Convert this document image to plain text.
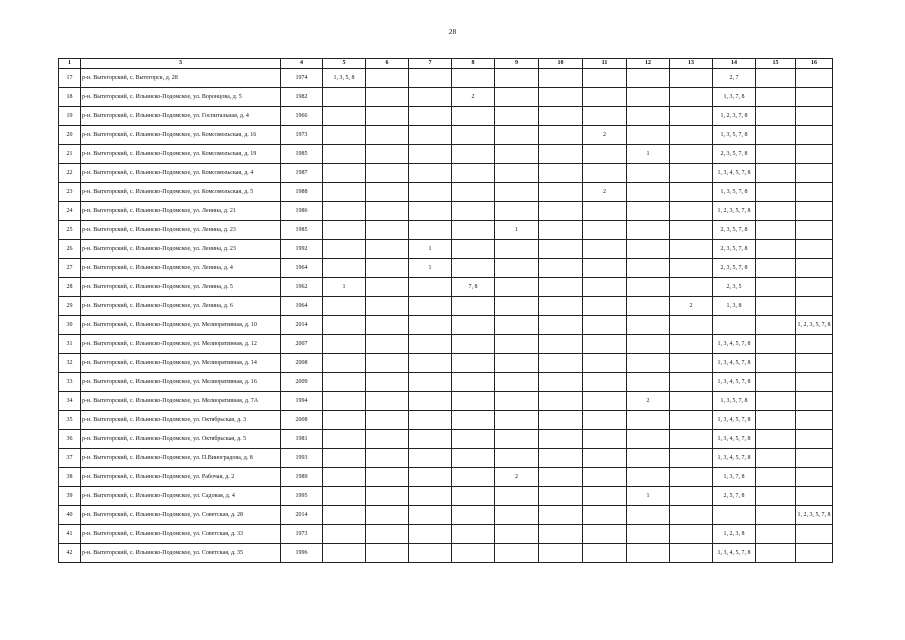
28
1	3	4	5	6	7	8	9	10	11	12	13	14	15	16
17	р-н. Вытегорский, с. Вытегорск, д. 28	1974	1, 3, 5, 8									2, 7		
18	р-н. Вытегорский, с. Ильинско-Подомское, ул. Воронцова, д. 5	1982				2						1, 3, 7, 8		
19	р-н. Вытегорский, с. Ильинско-Подомское, ул. Госпитальная, д. 4	1966										1, 2, 3, 7, 8		
20	р-н. Вытегорский, с. Ильинско-Подомское, ул. Комсомольская, д. 16	1973							2			1, 3, 5, 7, 8		
21	р-н. Вытегорский, с. Ильинско-Подомское, ул. Комсомольская, д. 19	1985								1		2, 3, 5, 7, 8		
22	р-н. Вытегорский, с. Ильинско-Подомское, ул. Комсомольская, д. 4	1987										1, 3, 4, 5, 7, 8		
23	р-н. Вытегорский, с. Ильинско-Подомское, ул. Комсомольская, д. 5	1988							2			1, 3, 5, 7, 8		
24	р-н. Вытегорский, с. Ильинско-Подомское, ул. Ленина, д. 21	1986										1, 2, 3, 5, 7, 8		
25	р-н. Вытегорский, с. Ильинско-Подомское, ул. Ленина, д. 23	1985					1					2, 3, 5, 7, 8		
26	р-н. Вытегорский, с. Ильинско-Подомское, ул. Ленина, д. 23	1992			1							2, 3, 5, 7, 8		
27	р-н. Вытегорский, с. Ильинско-Подомское, ул. Ленина, д. 4	1964			1							2, 3, 5, 7, 8		
28	р-н. Вытегорский, с. Ильинско-Подомское, ул. Ленина, д. 5	1962	1			7, 8						2, 3, 5		
29	р-н. Вытегорский, с. Ильинско-Подомское, ул. Ленина, д. 6	1964									2	1, 3, 8		
30	р-н. Вытегорский, с. Ильинско-Подомское, ул. Мелиоративная, д. 10	2014												1, 2, 3, 5, 7, 8
31	р-н. Вытегорский, с. Ильинско-Подомское, ул. Мелиоративная, д. 12	2007										1, 3, 4, 5, 7, 8		
32	р-н. Вытегорский, с. Ильинско-Подомское, ул. Мелиоративная, д. 14	2008										1, 3, 4, 5, 7, 8		
33	р-н. Вытегорский, с. Ильинско-Подомское, ул. Мелиоративная, д. 16	2009										1, 3, 4, 5, 7, 8		
34	р-н. Вытегорский, с. Ильинско-Подомское, ул. Мелиоративная, д. 7А	1994								2		1, 3, 5, 7, 8		
35	р-н. Вытегорский, с. Ильинско-Подомское, ул. Октябрьская, д. 3	2008										1, 3, 4, 5, 7, 8		
36	р-н. Вытегорский, с. Ильинско-Подомское, ул. Октябрьская, д. 5	1981										1, 3, 4, 5, 7, 8		
37	р-н. Вытегорский, с. Ильинско-Подомское, ул. П.Виноградова, д. 8	1993										1, 3, 4, 5, 7, 8		
38	р-н. Вытегорский, с. Ильинско-Подомское, ул. Рабочая, д. 2	1989					2					1, 3, 7, 8		
39	р-н. Вытегорский, с. Ильинско-Подомское, ул. Садовая, д. 4	1995								1		2, 5, 7, 8		
40	р-н. Вытегорский, с. Ильинско-Подомское, ул. Советская, д. 28	2014												1, 2, 3, 5, 7, 8
41	р-н. Вытегорский, с. Ильинско-Подомское, ул. Советская, д. 33	1973										1, 2, 3, 8		
42	р-н. Вытегорский, с. Ильинско-Подомское, ул. Советская, д. 35	1996										1, 3, 4, 5, 7, 8		
